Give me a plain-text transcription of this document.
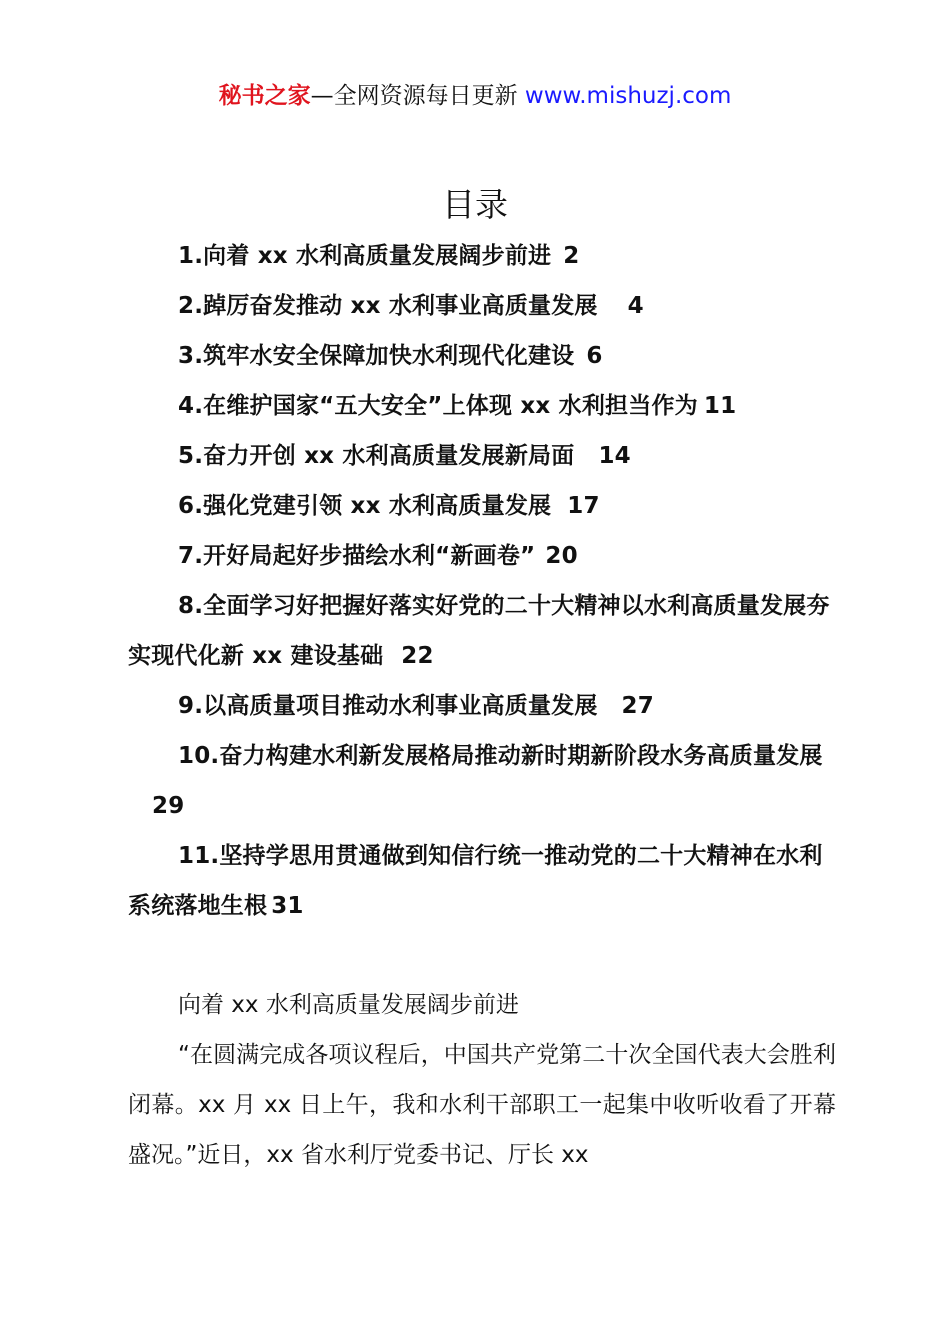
秘书之家—全网资源每日更新 www.mishuzj.com
目录
1.向着 xx 水利高质量发展阔步前进 2
2.踔厉奋发推动 xx 水利事业高质量发展 4
3.筑牢水安全保障加快水利现代化建设 6
4.在维护国家“五大安全”上体现 xx 水利担当作为 11
5.奋力开创 xx 水利高质量发展新局面 14
6.强化党建引领 xx 水利高质量发展 17
7.开好局起好步描绘水利“新画卷” 20
8.全面学习好把握好落实好党的二十大精神以水利高质量发展夯实现代化新 xx 建设基础 22
9.以高质量项目推动水利事业高质量发展 27
10.奋力构建水利新发展格局推动新时期新阶段水务高质量发展29
11.坚持学思用贯通做到知信行统一推动党的二十大精神在水利系统落地生根 31

向着 xx 水利高质量发展阔步前进

“在圆满完成各项议程后，中国共产党第二十次全国代表大会胜利闭幕。xx 月 xx 日上午，我和水利干部职工一起集中收听收看了开幕盛况。”近日，xx 省水利厅党委书记、厅长 xx
